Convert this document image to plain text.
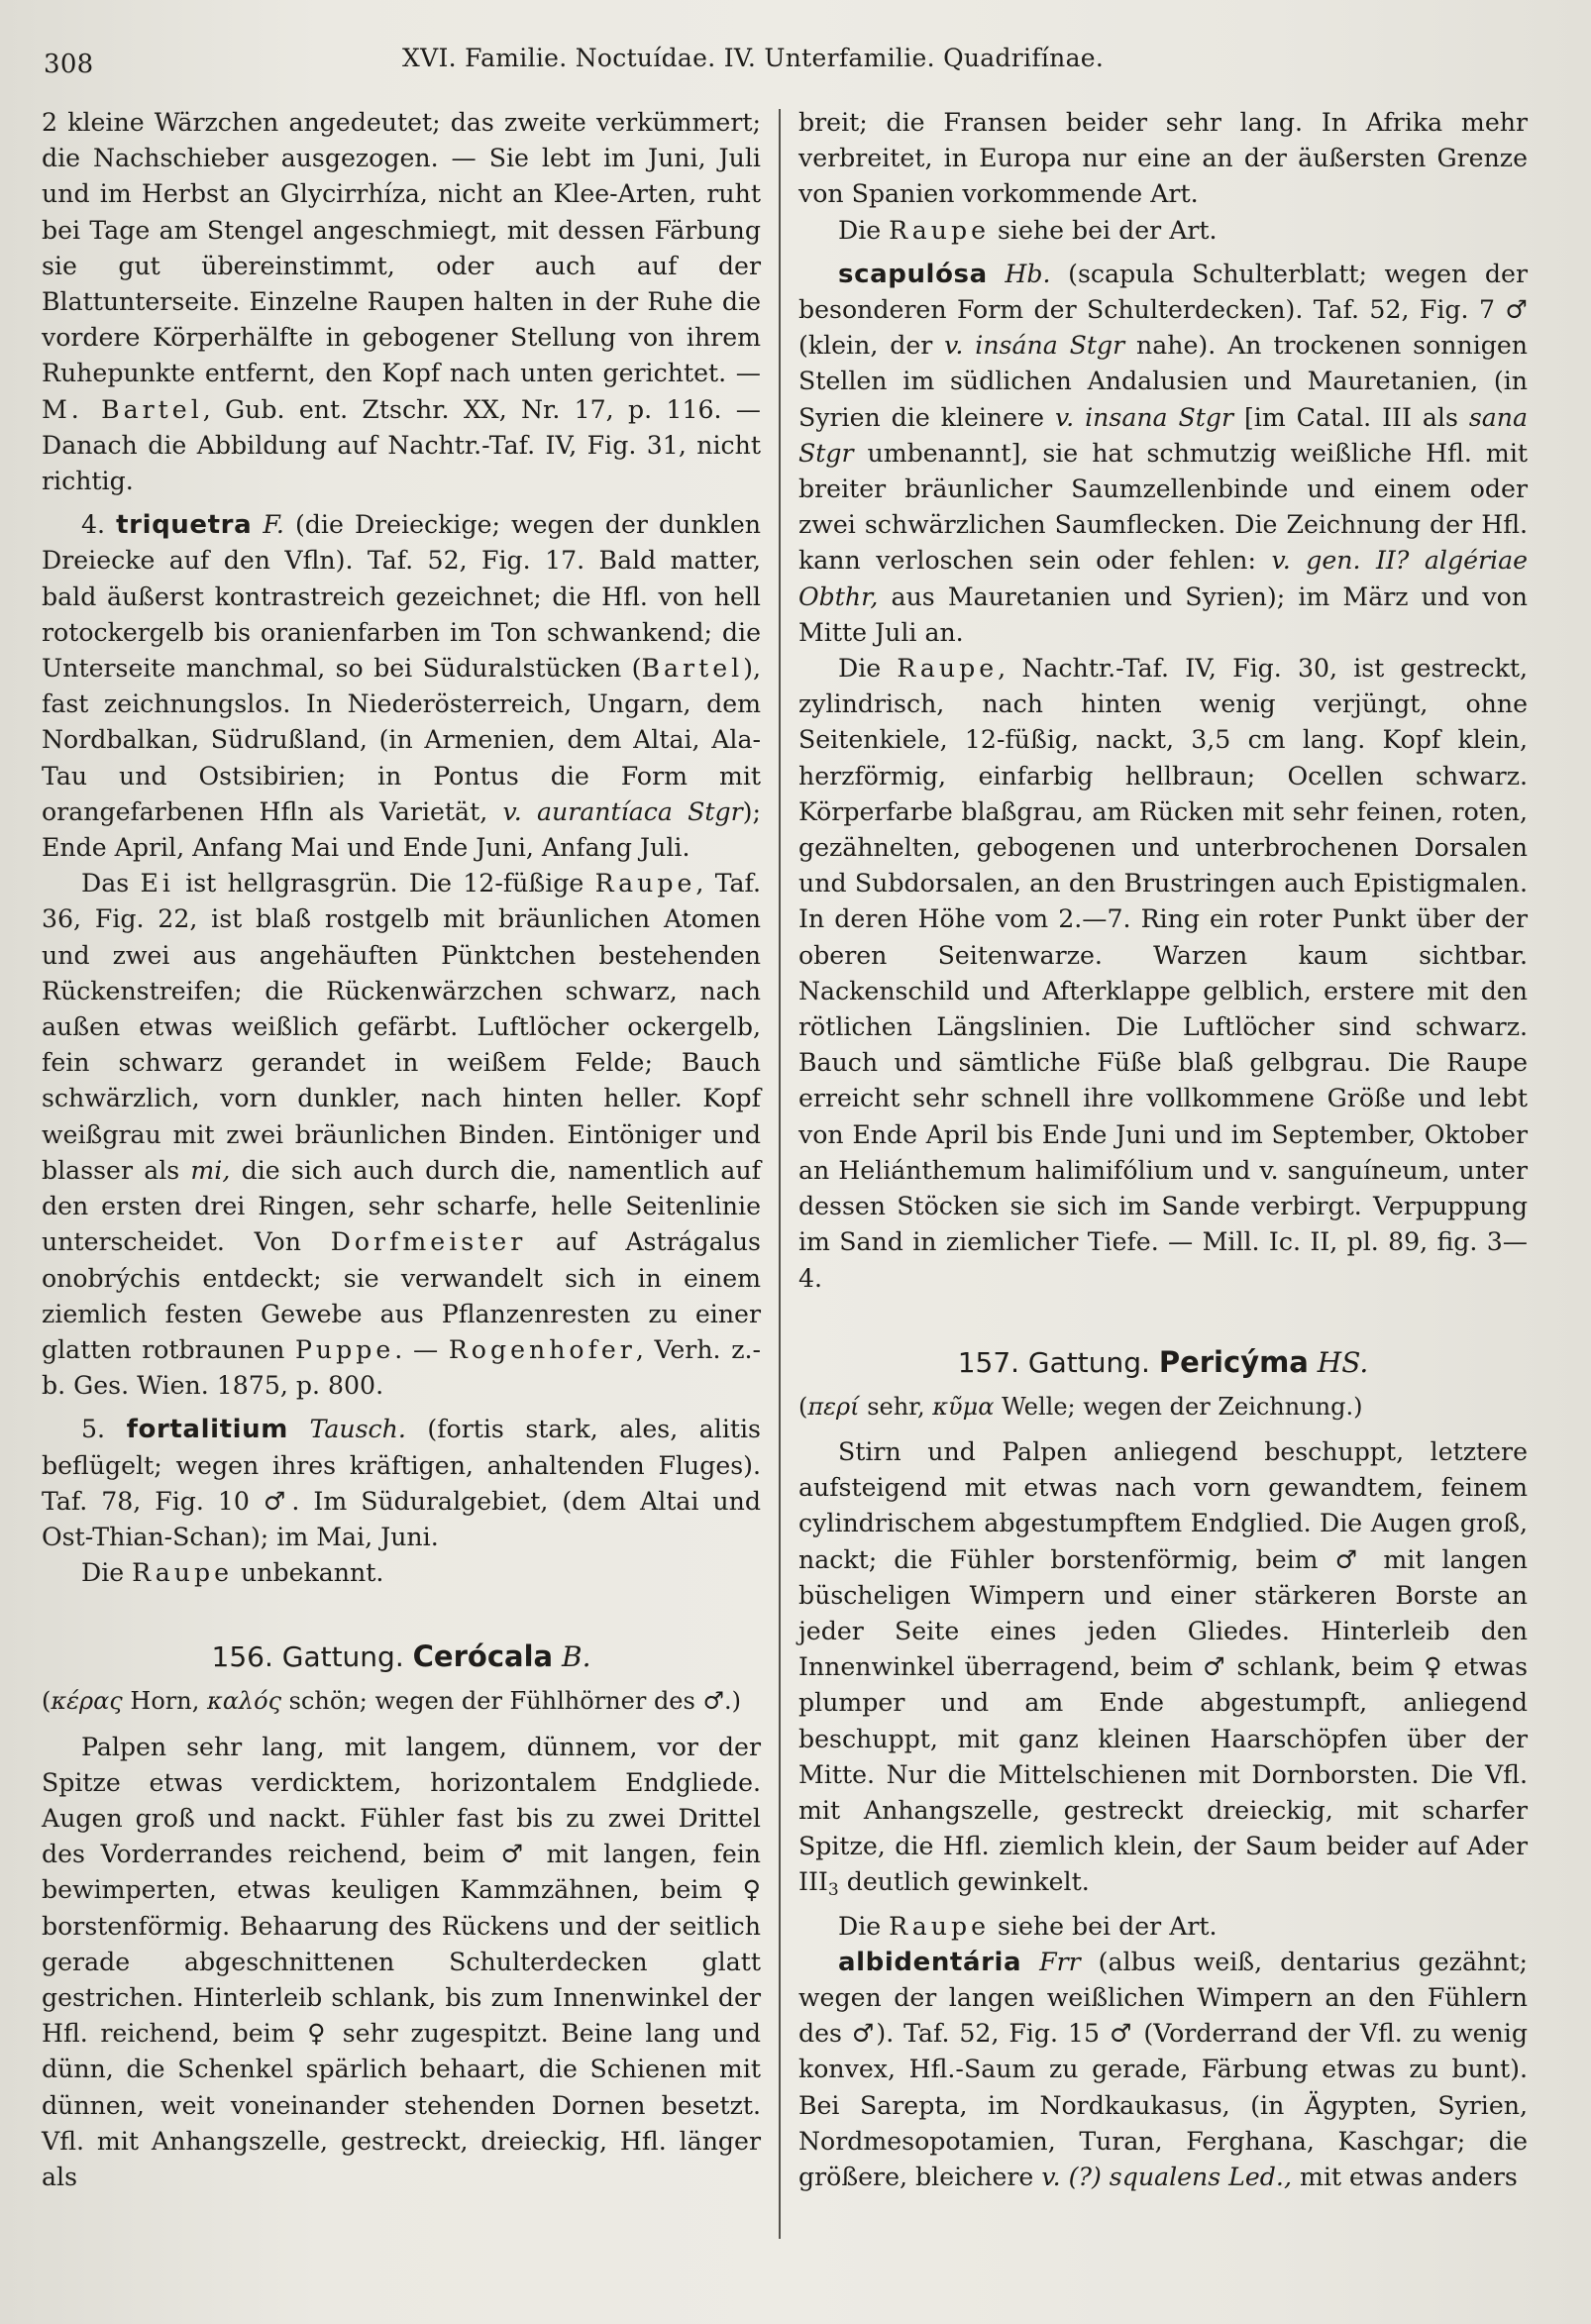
308	XVI. Familie. Noctuídae. IV. Unterfamilie. Quadrifínae.

2 kleine Wärzchen angedeutet; das zweite verkümmert; die Nachschieber ausgezogen. — Sie lebt im Juni, Juli und im Herbst an Glycirrhíza, nicht an Klee-Arten, ruht bei Tage am Stengel angeschmiegt, mit dessen Färbung sie gut übereinstimmt, oder auch auf der Blattunterseite. Einzelne Raupen halten in der Ruhe die vordere Körperhälfte in gebogener Stellung von ihrem Ruhepunkte entfernt, den Kopf nach unten gerichtet. — M. Bartel, Gub. ent. Ztschr. XX, Nr. 17, p. 116. — Danach die Abbildung auf Nachtr.-Taf. IV, Fig. 31, nicht richtig.

4. triquetra F. (die Dreieckige; wegen der dunklen Dreiecke auf den Vfln). Taf. 52, Fig. 17. Bald matter, bald äußerst kontrastreich gezeichnet; die Hfl. von hell rotockergelb bis oranienfarben im Ton schwankend; die Unterseite manchmal, so bei Süduralstücken (Bartel), fast zeichnungslos. In Niederösterreich, Ungarn, dem Nordbalkan, Südrußland, (in Armenien, dem Altai, Ala-Tau und Ostsibirien; in Pontus die Form mit orangefarbenen Hfln als Varietät, v. aurantíaca Stgr); Ende April, Anfang Mai und Ende Juni, Anfang Juli.

Das Ei ist hellgrasgrün. Die 12-füßige Raupe, Taf. 36, Fig. 22, ist blaß rostgelb mit bräunlichen Atomen und zwei aus angehäuften Pünktchen bestehenden Rückenstreifen; die Rückenwärzchen schwarz, nach außen etwas weißlich gefärbt. Luftlöcher ockergelb, fein schwarz gerandet in weißem Felde; Bauch schwärzlich, vorn dunkler, nach hinten heller. Kopf weißgrau mit zwei bräunlichen Binden. Eintöniger und blasser als mi, die sich auch durch die, namentlich auf den ersten drei Ringen, sehr scharfe, helle Seitenlinie unterscheidet. Von Dorfmeister auf Astrágalus onobrýchis entdeckt; sie verwandelt sich in einem ziemlich festen Gewebe aus Pflanzenresten zu einer glatten rotbraunen Puppe. — Rogenhofer, Verh. z.-b. Ges. Wien. 1875, p. 800.

5. fortalitium Tausch. (fortis stark, ales, alitis beflügelt; wegen ihres kräftigen, anhaltenden Fluges). Taf. 78, Fig. 10 ♂. Im Süduralgebiet, (dem Altai und Ost-Thian-Schan); im Mai, Juni.

Die Raupe unbekannt.

156. Gattung. Cerócala B.

(κέρας Horn, καλός schön; wegen der Fühlhörner des ♂.)

Palpen sehr lang, mit langem, dünnem, vor der Spitze etwas verdicktem, horizontalem Endgliede. Augen groß und nackt. Fühler fast bis zu zwei Drittel des Vorderrandes reichend, beim ♂ mit langen, fein bewimperten, etwas keuligen Kammzähnen, beim ♀ borstenförmig. Behaarung des Rückens und der seitlich gerade abgeschnittenen Schulterdecken glatt gestrichen. Hinterleib schlank, bis zum Innenwinkel der Hfl. reichend, beim ♀ sehr zugespitzt. Beine lang und dünn, die Schenkel spärlich behaart, die Schienen mit dünnen, weit voneinander stehenden Dornen besetzt. Vfl. mit Anhangszelle, gestreckt, dreieckig, Hfl. länger als

breit; die Fransen beider sehr lang. In Afrika mehr verbreitet, in Europa nur eine an der äußersten Grenze von Spanien vorkommende Art.

Die Raupe siehe bei der Art.

scapulósa Hb. (scapula Schulterblatt; wegen der besonderen Form der Schulterdecken). Taf. 52, Fig. 7 ♂ (klein, der v. insána Stgr nahe). An trockenen sonnigen Stellen im südlichen Andalusien und Mauretanien, (in Syrien die kleinere v. insana Stgr [im Catal. III als sana Stgr umbenannt], sie hat schmutzig weißliche Hfl. mit breiter bräunlicher Saumzellenbinde und einem oder zwei schwärzlichen Saumflecken. Die Zeichnung der Hfl. kann verloschen sein oder fehlen: v. gen. II? algériae Obthr, aus Mauretanien und Syrien); im März und von Mitte Juli an.

Die Raupe, Nachtr.-Taf. IV, Fig. 30, ist gestreckt, zylindrisch, nach hinten wenig verjüngt, ohne Seitenkiele, 12-füßig, nackt, 3,5 cm lang. Kopf klein, herzförmig, einfarbig hellbraun; Ocellen schwarz. Körperfarbe blaßgrau, am Rücken mit sehr feinen, roten, gezähnelten, gebogenen und unterbrochenen Dorsalen und Subdorsalen, an den Brustringen auch Epistigmalen. In deren Höhe vom 2.—7. Ring ein roter Punkt über der oberen Seitenwarze. Warzen kaum sichtbar. Nackenschild und Afterklappe gelblich, erstere mit den rötlichen Längslinien. Die Luftlöcher sind schwarz. Bauch und sämtliche Füße blaß gelbgrau. Die Raupe erreicht sehr schnell ihre vollkommene Größe und lebt von Ende April bis Ende Juni und im September, Oktober an Heliánthemum halimifólium und v. sanguíneum, unter dessen Stöcken sie sich im Sande verbirgt. Verpuppung im Sand in ziemlicher Tiefe. — Mill. Ic. II, pl. 89, fig. 3—4.

157. Gattung. Pericýma HS.

(περί sehr, κῦμα Welle; wegen der Zeichnung.)

Stirn und Palpen anliegend beschuppt, letztere aufsteigend mit etwas nach vorn gewandtem, feinem cylindrischem abgestumpftem Endglied. Die Augen groß, nackt; die Fühler borstenförmig, beim ♂ mit langen büscheligen Wimpern und einer stärkeren Borste an jeder Seite eines jeden Gliedes. Hinterleib den Innenwinkel überragend, beim ♂ schlank, beim ♀ etwas plumper und am Ende abgestumpft, anliegend beschuppt, mit ganz kleinen Haarschöpfen über der Mitte. Nur die Mittelschienen mit Dornborsten. Die Vfl. mit Anhangszelle, gestreckt dreieckig, mit scharfer Spitze, die Hfl. ziemlich klein, der Saum beider auf Ader $III_3$ deutlich gewinkelt.

Die Raupe siehe bei der Art.

albidentária Frr (albus weiß, dentarius gezähnt; wegen der langen weißlichen Wimpern an den Fühlern des ♂). Taf. 52, Fig. 15 ♂ (Vorderrand der Vfl. zu wenig konvex, Hfl.-Saum zu gerade, Färbung etwas zu bunt). Bei Sarepta, im Nordkaukasus, (in Ägypten, Syrien, Nordmesopotamien, Turan, Ferghana, Kaschgar; die größere, bleichere v. (?) squalens Led., mit etwas anders
